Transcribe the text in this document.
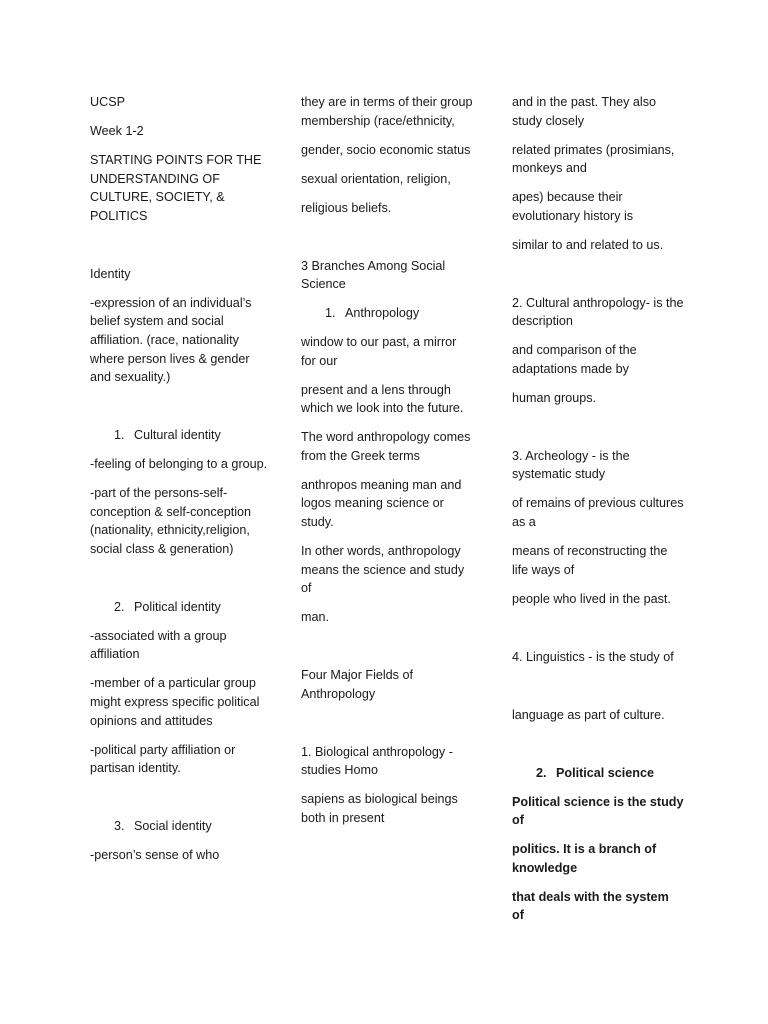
UCSP

Week 1-2

STARTING POINTS FOR THE UNDERSTANDING OF CULTURE, SOCIETY, & POLITICS

Identity

-expression of an individual’s belief system and social affiliation. (race, nationality where person lives & gender and sexuality.)

1. Cultural identity

-feeling of belonging to a group.

-part of the persons-self-conception & self-conception (nationality, ethnicity,religion, social class & generation)

2. Political identity

-associated with a group affiliation

-member of a particular group might express specific political opinions and attitudes

-political party affiliation or partisan identity.

3. Social identity

-person’s sense of who

they are in terms of their group membership (race/ethnicity,

gender, socio economic status

sexual orientation, religion,

religious beliefs.

3 Branches Among Social Science

1. Anthropology

window to our past, a mirror for our

present and a lens through which we look into the future.

The word anthropology comes from the Greek terms

anthropos meaning man and logos meaning science or study.

In other words, anthropology means the science and study of

man.

Four Major Fields of Anthropology

1. Biological anthropology - studies Homo

sapiens as biological beings both in present

and in the past. They also study closely

related primates (prosimians, monkeys and

apes) because their evolutionary history is

similar to and related to us.

2. Cultural anthropology- is the description

and comparison of the adaptations made by

human groups.

3. Archeology - is the systematic study

of remains of previous cultures as a

means of reconstructing the life ways of

people who lived in the past.

4. Linguistics - is the study of

language as part of culture.

2. Political science

Political science is the study of

politics. It is a branch of knowledge

that deals with the system of
